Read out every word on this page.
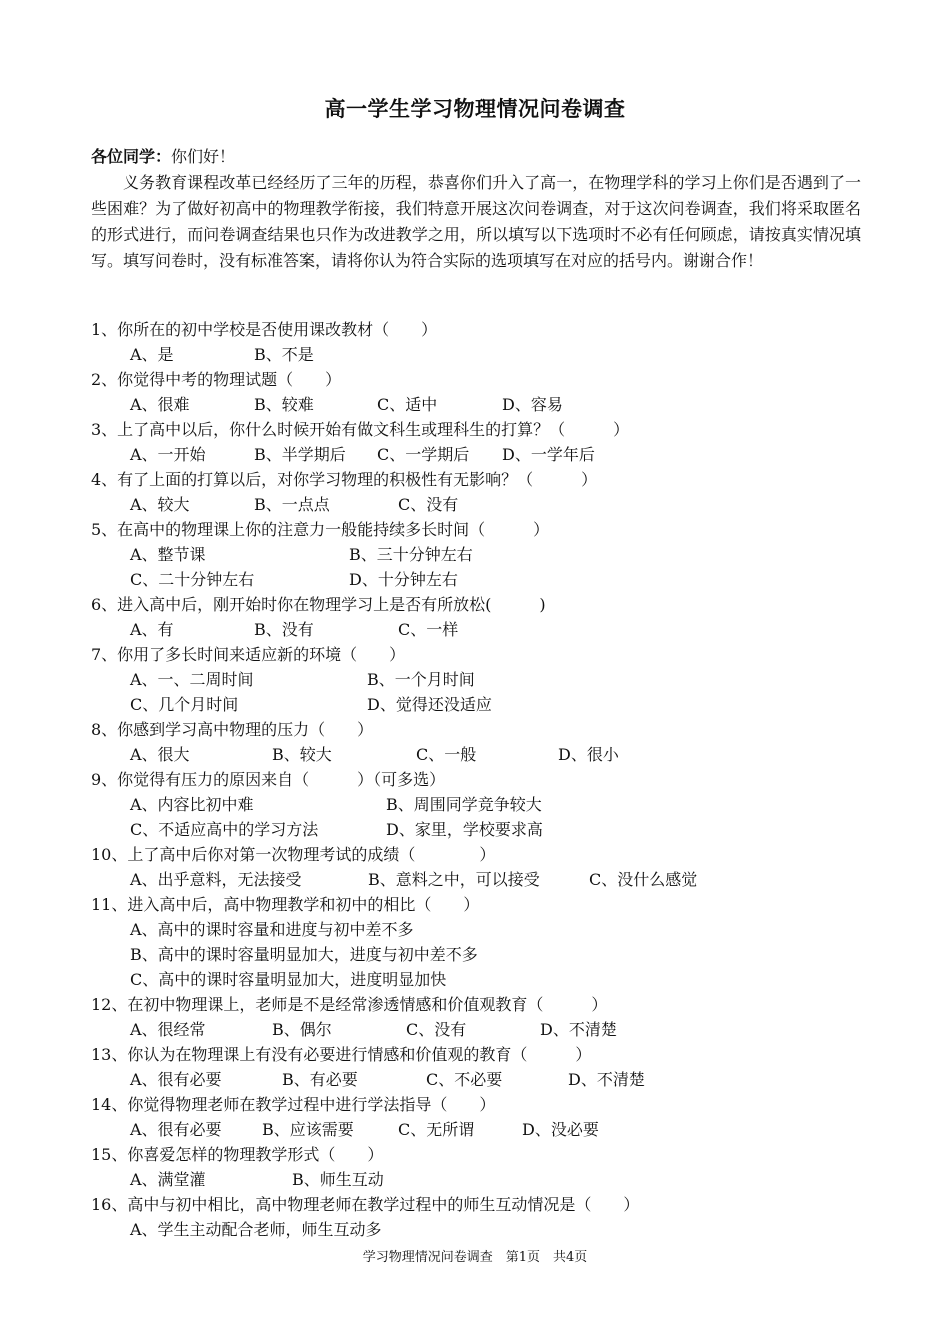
高一学生学习物理情况问卷调查
各位同学：你们好！
义务教育课程改革已经经历了三年的历程，恭喜你们升入了高一，在物理学科的学习上你们是否遇到了一些困难？为了做好初高中的物理教学衔接，我们特意开展这次问卷调查，对于这次问卷调查，我们将采取匿名的形式进行，而问卷调查结果也只作为改进教学之用，所以填写以下选项时不必有任何顾虑，请按真实情况填写。填写问卷时，没有标准答案，请将你认为符合实际的选项填写在对应的括号内。谢谢合作！
1、你所在的初中学校是否使用课改教材（　　）
A、是	B、不是
2、你觉得中考的物理试题（　　）
A、很难	B、较难	C、适中	D、容易
3、上了高中以后，你什么时候开始有做文科生或理科生的打算？（　　　）
A、一开始	B、半学期后 C、一学期后 D、一学年后
4、有了上面的打算以后，对你学习物理的积极性有无影响？（　　　）
A、较大	B、一点点	C、没有
5、在高中的物理课上你的注意力一般能持续多长时间（　　　）
A、整节课	B、三十分钟左右
C、二十分钟左右	D、十分钟左右
6、进入高中后，刚开始时你在物理学习上是否有所放松(　　　)
A、有	B、没有	C、一样
7、你用了多长时间来适应新的环境（　　）
A、一、二周时间	B、一个月时间
C、几个月时间	D、觉得还没适应
8、你感到学习高中物理的压力（　　）
A、很大	B、较大	C、一般	D、很小
9、你觉得有压力的原因来自（　　　）（可多选）
A、内容比初中难	B、周围同学竞争较大
C、不适应高中的学习方法	D、家里，学校要求高
10、上了高中后你对第一次物理考试的成绩（　　　　）
A、出乎意料，无法接受	B、意料之中，可以接受	C、没什么感觉
11、进入高中后，高中物理教学和初中的相比（　　）
A、高中的课时容量和进度与初中差不多
B、高中的课时容量明显加大，进度与初中差不多
C、高中的课时容量明显加大，进度明显加快
12、在初中物理课上，老师是不是经常渗透情感和价值观教育（　　　）
A、很经常	B、偶尔	C、没有	D、不清楚
13、你认为在物理课上有没有必要进行情感和价值观的教育（　　　）
A、很有必要	B、有必要	C、不必要	D、不清楚
14、你觉得物理老师在教学过程中进行学法指导（　　）
A、很有必要	B、应该需要	C、无所谓	D、没必要
15、你喜爱怎样的物理教学形式（　　）
A、满堂灌	B、师生互动
16、高中与初中相比，高中物理老师在教学过程中的师生互动情况是（　　）
A、学生主动配合老师，师生互动多
学习物理情况问卷调查　第1页　共4页
